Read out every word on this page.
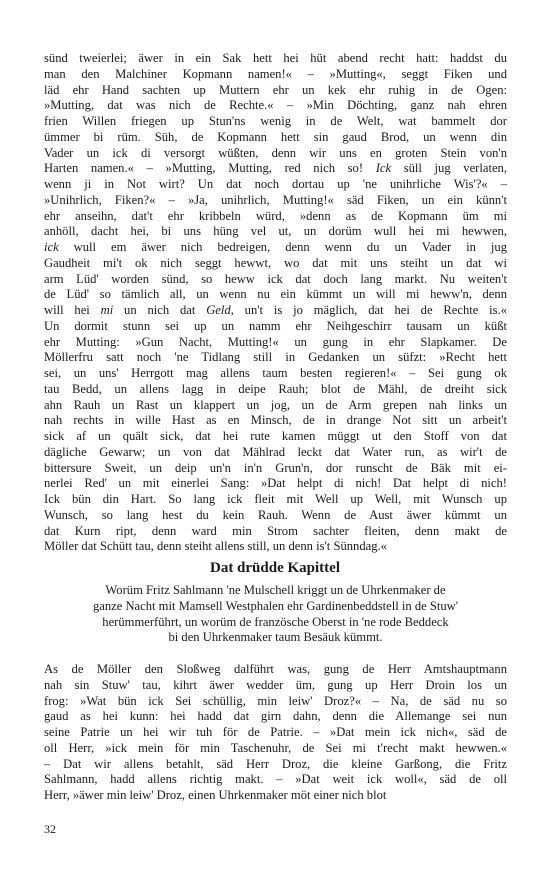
sünd tweierlei; äwer in ein Sak hett hei hüt abend recht hatt: haddst du
man den Malchiner Kopmann namen!« – »Mutting«, seggt Fiken und
läd ehr Hand sachten up Muttern ehr un kek ehr ruhig in de Ogen:
»Mutting, dat was nich de Rechte.« – »Min Döchting, ganz nah ehren
frien Willen friegen up Stun'ns wenig in de Welt, wat bammelt dor
ümmer bi rüm. Süh, de Kopmann hett sin gaud Brod, un wenn din
Vader un ick di versorgt wüßten, denn wir uns en groten Stein von'n
Harten namen.« – »Mutting, Mutting, red nich so! Ick süll jug verlaten,
wenn ji in Not wirt? Un dat noch dortau up 'ne unihrliche Wis'?« –
»Unihrlich, Fiken?« – »Ja, unihrlich, Mutting!« säd Fiken, un ein künn't
ehr anseihn, dat't ehr kribbeln würd, »denn as de Kopmann üm mi
anhöll, dacht hei, bi uns hüng vel ut, un dorüm wull hei mi hewwen,
ick wull em äwer nich bedreigen, denn wenn du un Vader in jug
Gaudheit mi't ok nich seggt hewwt, wo dat mit uns steiht un dat wi
arm Lüd' worden sünd, so heww ick dat doch lang markt. Nu weiten't
de Lüd' so tämlich all, un wenn nu ein kümmt un will mi heww'n, denn
will hei mi un nich dat Geld, un't is jo mäglich, dat hei de Rechte is.«
Un dormit stunn sei up un namm ehr Neihgeschirr tausam un küßt
ehr Mutting: »Gun Nacht, Mutting!« un gung in ehr Slapkamer. De
Möllerfru satt noch 'ne Tidlang still in Gedanken un süfzt: »Recht hett
sei, un uns' Herrgott mag allens taum besten regieren!« – Sei gung ok
tau Bedd, un allens lagg in deipe Rauh; blot de Mähl, de dreiht sick
ahn Rauh un Rast un klappert un jog, un de Arm grepen nah links un
nah rechts in wille Hast as en Minsch, de in drange Not sitt un arbeit't
sick af un quält sick, dat hei rute kamen müggt ut den Stoff von dat
dägliche Gewarw; un von dat Mählrad leckt dat Water run, as wir't de
bittersure Sweit, un deip un'n in'n Grun'n, dor runscht de Bäk mit ei-
nerlei Red' un mit einerlei Sang: »Dat helpt di nich! Dat helpt di nich!
Ick bün din Hart. So lang ick fleit mit Well up Well, mit Wunsch up
Wunsch, so lang hest du kein Rauh. Wenn de Aust äwer kümmt un
dat Kurn ript, denn ward min Strom sachter fleiten, denn makt de
Möller dat Schütt tau, denn steiht allens still, un denn is't Sünndag.«
Dat drüdde Kapittel
Worüm Fritz Sahlmann 'ne Mulschell kriggt un de Uhrkenmaker de
ganze Nacht mit Mamsell Westphalen ehr Gardinenbeddstell in de Stuw'
herümmerführt, un worüm de französche Oberst in 'ne rode Beddeck
bi den Uhrkenmaker taum Besäuk kümmt.
As de Möller den Sloßweg dalführt was, gung de Herr Amtshauptmann
nah sin Stuw' tau, kihrt äwer wedder üm, gung up Herr Droin los un
frog: »Wat bün ick Sei schüllig, min leiw' Droz?« – Na, de säd nu so
gaud as hei kunn: hei hadd dat girn dahn, denn die Allemange sei nun
seine Patrie un hei wir tuh för de Patrie. – »Dat mein ick nich«, säd de
oll Herr, »ick mein för min Taschenuhr, de Sei mi t'recht makt hewwen.«
– Dat wir allens betahlt, säd Herr Droz, die kleine Garßong, die Fritz
Sahlmann, hadd allens richtig makt. – »Dat weit ick woll«, säd de oll
Herr, »äwer min leiw' Droz, einen Uhrkenmaker möt einer nich blot
32
